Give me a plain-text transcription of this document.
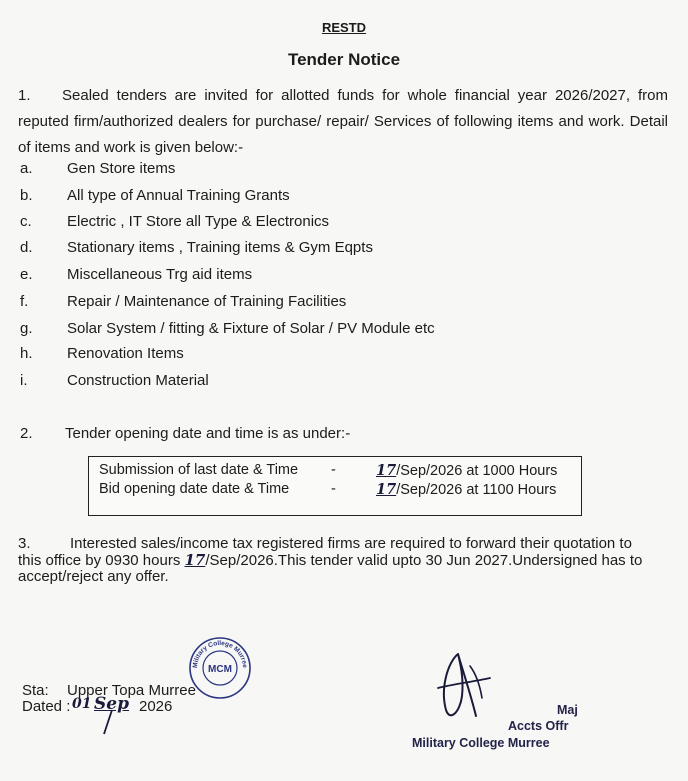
RESTD
Tender Notice
1. Sealed tenders are invited for allotted funds for whole financial year 2026/2027, from reputed firm/authorized dealers for purchase/ repair/ Services of following items and work. Detail of items and work is given below:-
a. Gen Store items
b. All type of Annual Training Grants
c. Electric , IT Store all Type & Electronics
d. Stationary items , Training items & Gym Eqpts
e. Miscellaneous Trg aid items
f.	Repair / Maintenance of Training Facilities
g. Solar System / fitting & Fixture of Solar / PV Module etc
h. Renovation Items
i.	Construction Material
2. Tender opening date and time is as under:-
Submission of last date & Time -	17/Sep/2026 at 1000 Hours
Bid opening date date & Time	-	17/Sep/2026 at 1100 Hours
3.	Interested sales/income tax registered firms are required to forward their quotation to this office by 0930 hours 17/Sep/2026.This tender valid upto 30 Jun 2027.Undersigned has to accept/reject any offer.
Military College Murree
MCM
Sta: Upper Topa Murree
Dated : 01 Sep 2026	Maj
Accts Offr
Military College Murree
